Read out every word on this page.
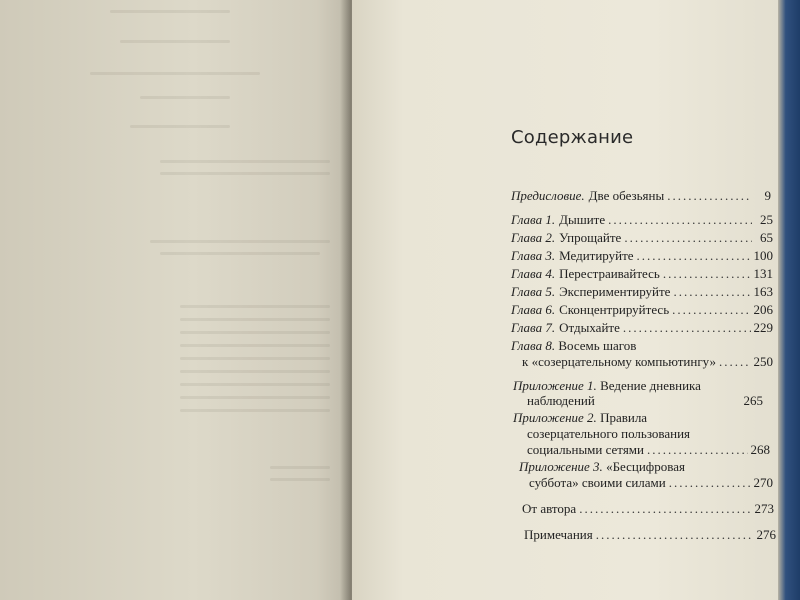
Содержание
Предисловие. Две обезьяны .....	9
Глава 1. Дышите .....	25
Глава 2. Упрощайте .....	65
Глава 3. Медитируйте .....	100
Глава 4. Перестраивайтесь .....	131
Глава 5. Экспериментируйте .....	163
Глава 6. Сконцентрируйтесь .....	206
Глава 7. Отдыхайте .....	229
Глава 8. Восемь шагов
к «созерцательному компьютингу» .....	250
Приложение 1. Ведение дневника
наблюдений	265
Приложение 2. Правила
созерцательного пользования
социальными сетями .....	268
Приложение 3. «Бесцифровая
суббота» своими силами .....	270
От автора .....	273
Примечания .....	276
